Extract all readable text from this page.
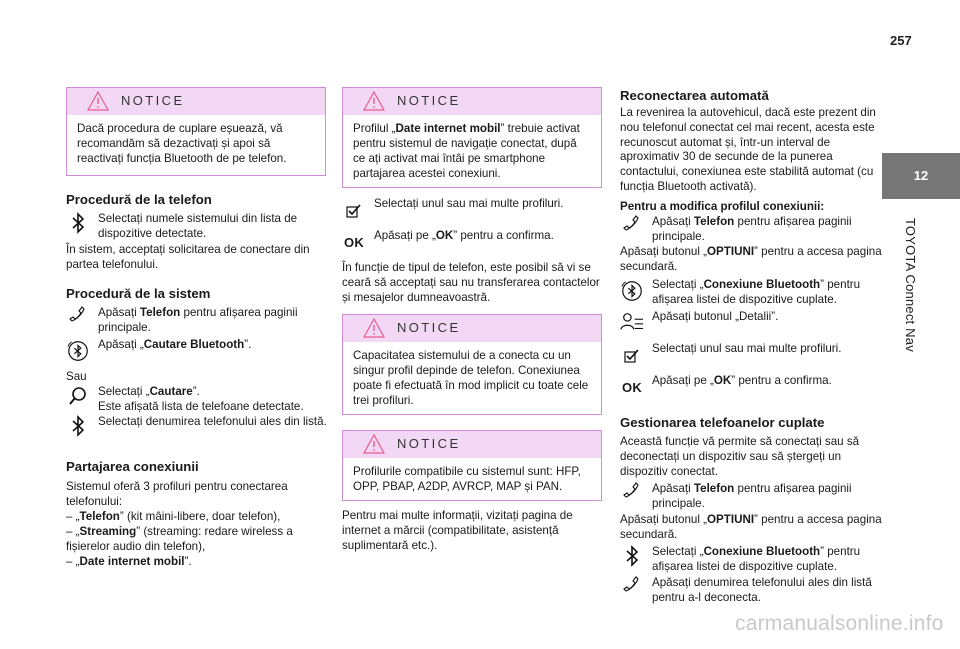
257
12
TOYOTA Connect Nav
NOTICE
Dacă procedura de cuplare eșuează, vă recomandăm să dezactivați și apoi să reactivați funcția Bluetooth de pe telefon.
Procedură de la telefon
Selectați numele sistemului din lista de dispozitive detectate.
În sistem, acceptați solicitarea de conectare din partea telefonului.
Procedură de la sistem
Apăsați Telefon pentru afișarea paginii principale.
Apăsați „Cautare Bluetooth”.
Sau
Selectați „Cautare”.
Este afișată lista de telefoane detectate.
Selectați denumirea telefonului ales din listă.
Partajarea conexiunii
Sistemul oferă 3 profiluri pentru conectarea telefonului:
– „Telefon” (kit mâini-libere, doar telefon),
– „Streaming” (streaming: redare wireless a fișierelor audio din telefon),
– „Date internet mobil”.
NOTICE
Profilul „Date internet mobil” trebuie activat pentru sistemul de navigație conectat, după ce ați activat mai întâi pe smartphone partajarea acestei conexiuni.
Selectați unul sau mai multe profiluri.
OK Apăsați pe „OK” pentru a confirma.
În funcție de tipul de telefon, este posibil să vi se ceară să acceptați sau nu transferarea contactelor și mesajelor dumneavoastră.
NOTICE
Capacitatea sistemului de a conecta cu un singur profil depinde de telefon. Conexiunea poate fi efectuată în mod implicit cu toate cele trei profiluri.
NOTICE
Profilurile compatibile cu sistemul sunt: HFP, OPP, PBAP, A2DP, AVRCP, MAP și PAN.
Pentru mai multe informații, vizitați pagina de internet a mărcii (compatibilitate, asistență suplimentară etc.).
Reconectarea automată
La revenirea la autovehicul, dacă este prezent din nou telefonul conectat cel mai recent, acesta este recunoscut automat și, într-un interval de aproximativ 30 de secunde de la punerea contactului, conexiunea este stabilită automat (cu funcția Bluetooth activată).
Pentru a modifica profilul conexiunii:
Apăsați Telefon pentru afișarea paginii principale.
Apăsați butonul „OPTIUNI” pentru a accesa pagina secundară.
Selectați „Conexiune Bluetooth” pentru afișarea listei de dispozitive cuplate.
Apăsați butonul „Detalii”.
Selectați unul sau mai multe profiluri.
OK Apăsați pe „OK” pentru a confirma.
Gestionarea telefoanelor cuplate
Această funcție vă permite să conectați sau să deconectați un dispozitiv sau să ștergeți un dispozitiv conectat.
Apăsați Telefon pentru afișarea paginii principale.
Apăsați butonul „OPTIUNI” pentru a accesa pagina secundară.
Selectați „Conexiune Bluetooth” pentru afișarea listei de dispozitive cuplate.
Apăsați denumirea telefonului ales din listă pentru a-l deconecta.
carmanualsonline.info
